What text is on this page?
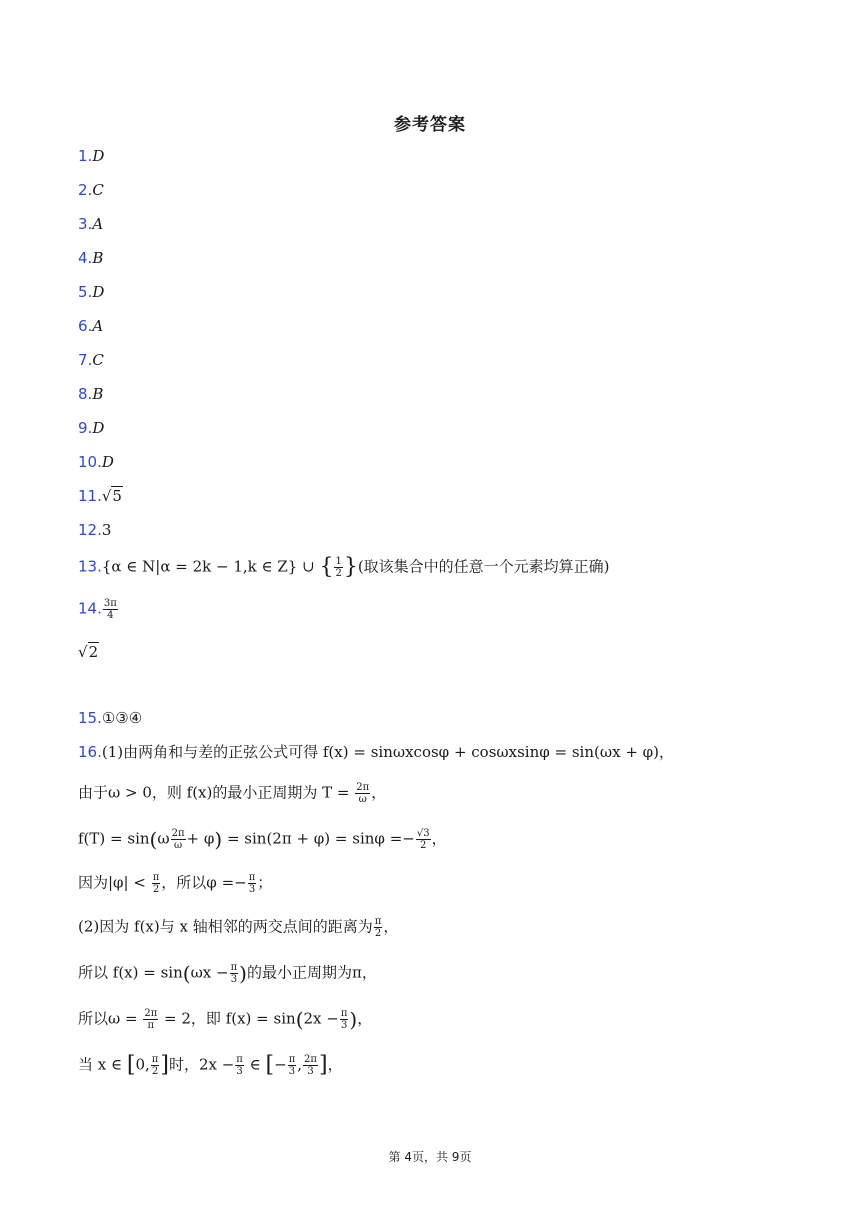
参考答案
1.D
2.C
3.A
4.B
5.D
6.A
7.C
8.B
9.D
10.D
11.√5
12.3
13.{α ∈ N|α = 2k − 1,k ∈ Z} ∪ { $\frac{1}{2}$ }(取该集合中的任意一个元素均算正确)
14. $\frac{3\pi}{4}$
√2
15.①③④
16.(1)由两角和与差的正弦公式可得 f(x) = sinωxcosφ + cosωxsinφ = sin(ωx + φ)，
由于ω > 0，则 f(x)的最小正周期为 $T = \frac{2\pi}{\omega}$ ，
$f(T) = \sin(\omega \frac{2\pi}{\omega} + \varphi) = \sin(2\pi + \varphi) = \sin\varphi =- \frac{√3}{2}$ ，
因为$|\varphi| < \frac{\pi}{2}$ ，所以$\varphi =- \frac{\pi}{3}$ ；
(2)因为 f(x)与 x 轴相邻的两交点间的距离为 $\frac{\pi}{2}$ ，
所以 $f(x) = \sin(\omega x - \frac{\pi}{3}$ )的最小正周期为π，
所以$\omega = \frac{2\pi}{\pi} = 2$，即 $f(x) = \sin(2x - \frac{\pi}{3}$ )，
当 x ∈ [0, $\frac{\pi}{2}$ ]时，$2x - \frac{\pi}{3}$ ∈ [− $\frac{\pi}{3}$ , $\frac{2\pi}{3}$ ]，
第 4页，共 9页
